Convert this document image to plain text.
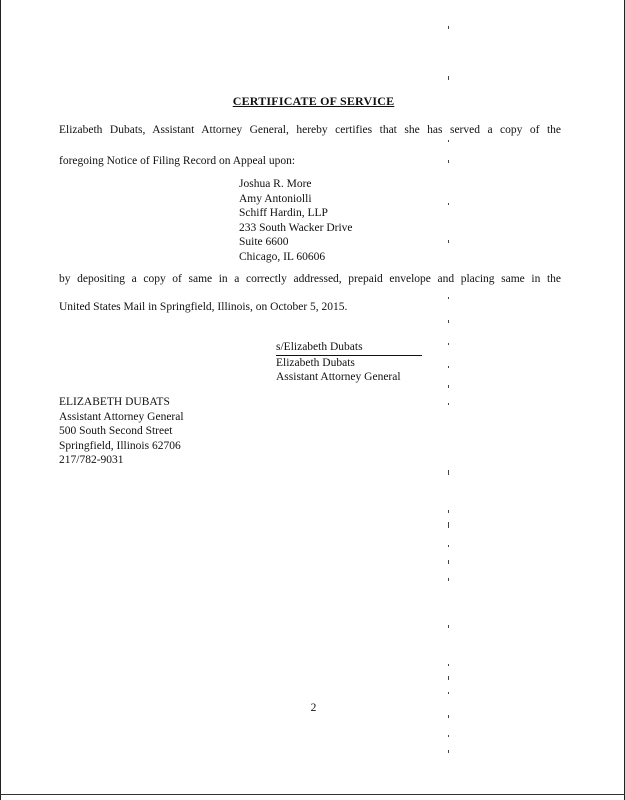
CERTIFICATE OF SERVICE
Elizabeth Dubats, Assistant Attorney General, hereby certifies that she has served a copy of the
foregoing Notice of Filing Record on Appeal upon:
Joshua R. More
Amy Antoniolli
Schiff Hardin, LLP
233 South Wacker Drive
Suite 6600
Chicago, IL 60606
by depositing a copy of same in a correctly addressed, prepaid envelope and placing same in the
United States Mail in Springfield, Illinois, on October 5, 2015.
s/Elizabeth Dubats
Elizabeth Dubats
Assistant Attorney General
ELIZABETH DUBATS
Assistant Attorney General
500 South Second Street
Springfield, Illinois 62706
217/782-9031
2
